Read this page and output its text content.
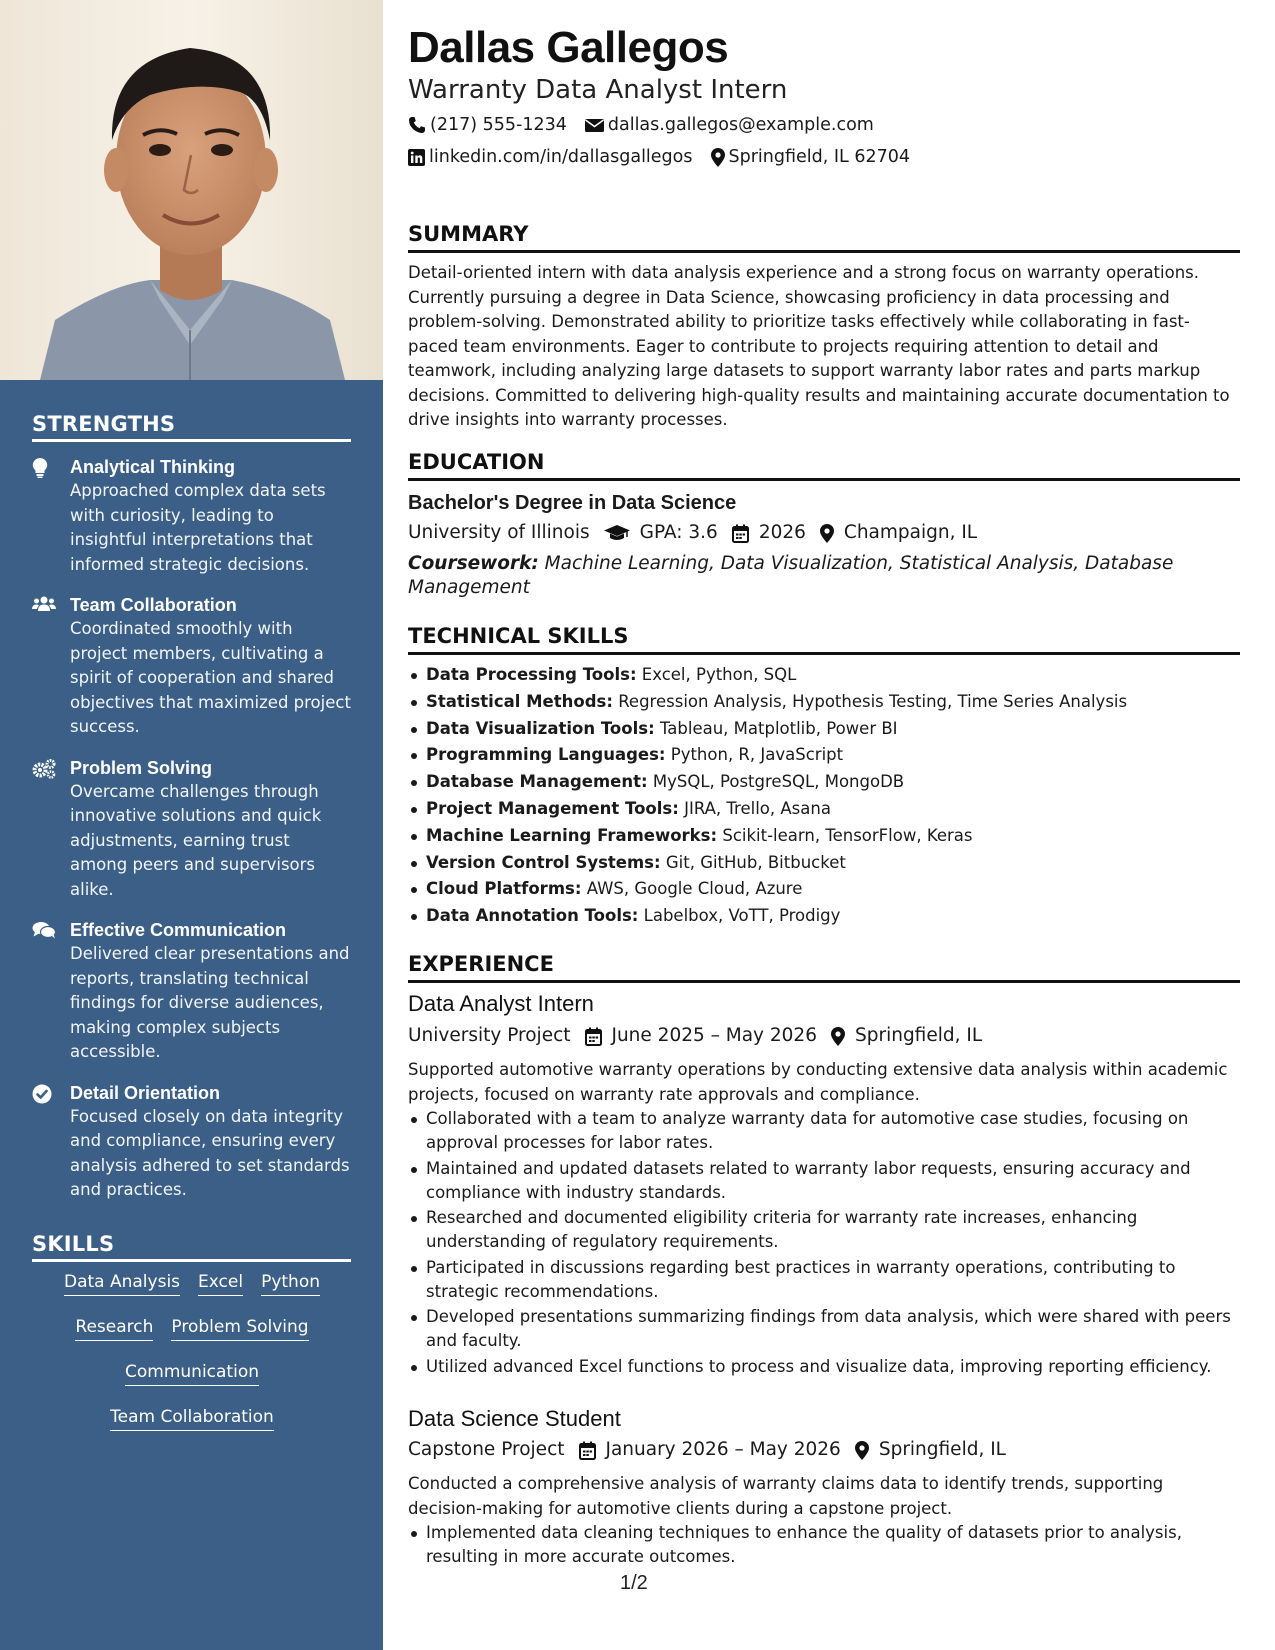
STRENGTHS
Analytical Thinking
Approached complex data sets with curiosity, leading to insightful interpretations that informed strategic decisions.
Team Collaboration
Coordinated smoothly with project members, cultivating a spirit of cooperation and shared objectives that maximized project success.
Problem Solving
Overcame challenges through innovative solutions and quick adjustments, earning trust among peers and supervisors alike.
Effective Communication
Delivered clear presentations and reports, translating technical findings for diverse audiences, making complex subjects accessible.
Detail Orientation
Focused closely on data integrity and compliance, ensuring every analysis adhered to set standards and practices.
SKILLS
Data Analysis Excel Python
Research Problem Solving
Communication
Team Collaboration
Dallas Gallegos
Warranty Data Analyst Intern
(217) 555-1234 dallas.gallegos@example.com
linkedin.com/in/dallasgallegos Springfield, IL 62704
SUMMARY
Detail-oriented intern with data analysis experience and a strong focus on warranty operations. Currently pursuing a degree in Data Science, showcasing proficiency in data processing and problem-solving. Demonstrated ability to prioritize tasks effectively while collaborating in fast-paced team environments. Eager to contribute to projects requiring attention to detail and teamwork, including analyzing large datasets to support warranty labor rates and parts markup decisions. Committed to delivering high-quality results and maintaining accurate documentation to drive insights into warranty processes.
EDUCATION
Bachelor's Degree in Data Science
University of Illinois	GPA: 3.6 2026 Champaign, IL
Coursework: Machine Learning, Data Visualization, Statistical Analysis, Database Management
TECHNICAL SKILLS
Data Processing Tools: Excel, Python, SQL
Statistical Methods: Regression Analysis, Hypothesis Testing, Time Series Analysis
Data Visualization Tools: Tableau, Matplotlib, Power BI
Programming Languages: Python, R, JavaScript
Database Management: MySQL, PostgreSQL, MongoDB
Project Management Tools: JIRA, Trello, Asana
Machine Learning Frameworks: Scikit-learn, TensorFlow, Keras
Version Control Systems: Git, GitHub, Bitbucket
Cloud Platforms: AWS, Google Cloud, Azure
Data Annotation Tools: Labelbox, VoTT, Prodigy
EXPERIENCE
Data Analyst Intern
University Project June 2025 – May 2026 Springfield, IL
Supported automotive warranty operations by conducting extensive data analysis within academic projects, focused on warranty rate approvals and compliance.
Collaborated with a team to analyze warranty data for automotive case studies, focusing on approval processes for labor rates.
Maintained and updated datasets related to warranty labor requests, ensuring accuracy and compliance with industry standards.
Researched and documented eligibility criteria for warranty rate increases, enhancing understanding of regulatory requirements.
Participated in discussions regarding best practices in warranty operations, contributing to strategic recommendations.
Developed presentations summarizing findings from data analysis, which were shared with peers and faculty.
Utilized advanced Excel functions to process and visualize data, improving reporting efficiency.
Data Science Student
Capstone Project January 2026 – May 2026 Springfield, IL
Conducted a comprehensive analysis of warranty claims data to identify trends, supporting decision-making for automotive clients during a capstone project.
Implemented data cleaning techniques to enhance the quality of datasets prior to analysis, resulting in more accurate outcomes.
1/2
